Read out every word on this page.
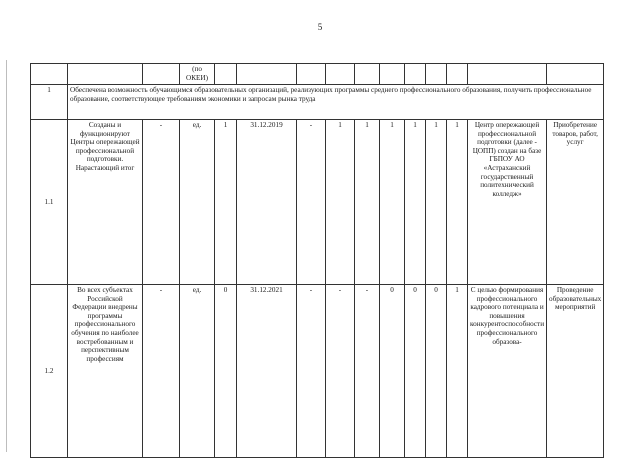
5
			(по
ОКЕИ)											
1	Обеспечена возможность обучающимся образовательных организаций, реализующих программы среднего профессионального образования, получить профессиональное образование, соответствующее требованиям экономики и запросам рынка труда													
1.1	Созданы и функционируют Центры опережающей профессиональной подготовки. Нарастающий итог	-	ед.	1	31.12.2019	-	1	1	1	1	1	1	Центр опережающей профессиональной подготовки (далее - ЦОПП) создан на базе ГБПОУ АО «Астраханский государственный политехнический колледж»	Приобретение товаров, работ, услуг
1.2	Во всех субъектах Российской Федерации внедрены программы профессионального обучения по наиболее востребованным и перспективным профессиям	-	ед.	0	31.12.2021	-	-	-	0	0	0	1	С целью формирования профессионального кадрового потенциала и повышения конкурентоспособности профессионального образова-	Проведение образовательных мероприятий
